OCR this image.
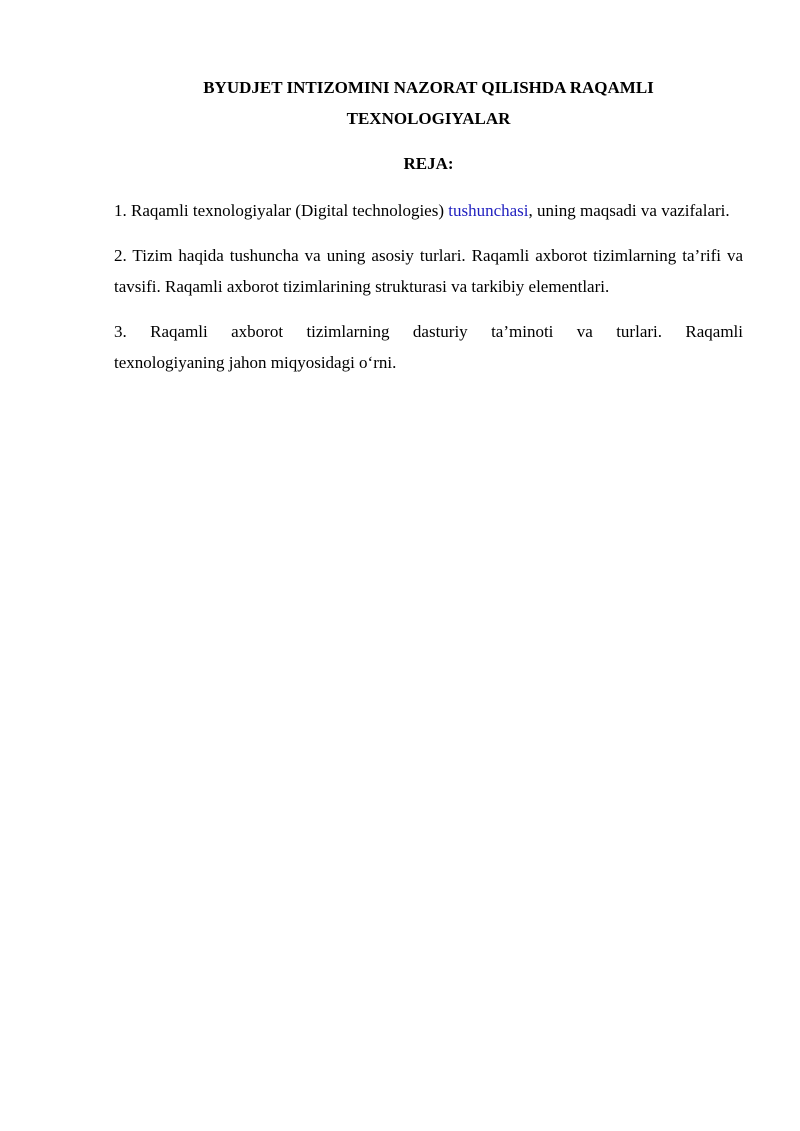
BYUDJET INTIZOMINI NAZORAT QILISHDA RAQAMLI
TEXNOLOGIYALAR

REJA:

1. Raqamli texnologiyalar (Digital technologies) tushunchasi, uning maqsadi va vazifalari.

2. Tizim haqida tushuncha va uning asosiy turlari. Raqamli axborot tizimlarning ta’rifi va tavsifi. Raqamli axborot tizimlarining strukturasi va tarkibiy elementlari.

3. Raqamli axborot tizimlarning dasturiy ta’minoti va turlari. Raqamli
texnologiyaning jahon miqyosidagi o‘rni.
